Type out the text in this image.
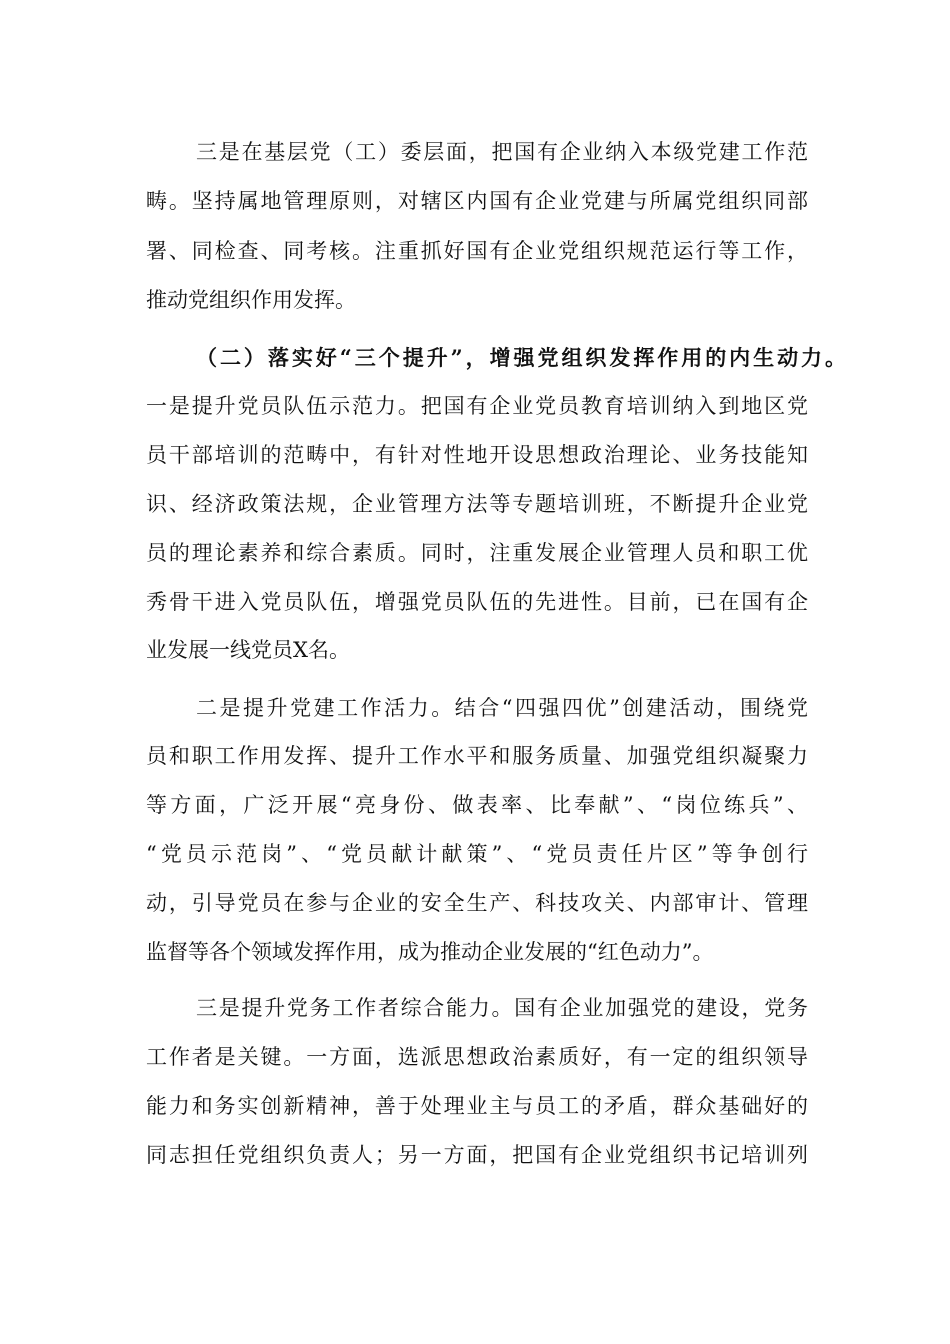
三是在基层党（工）委层面，把国有企业纳入本级党建工作范
畴。坚持属地管理原则，对辖区内国有企业党建与所属党组织同部
署、同检查、同考核。注重抓好国有企业党组织规范运行等工作，
推动党组织作用发挥。
（二）落实好“三个提升”，增强党组织发挥作用的内生动力。
一是提升党员队伍示范力。把国有企业党员教育培训纳入到地区党
员干部培训的范畴中，有针对性地开设思想政治理论、业务技能知
识、经济政策法规，企业管理方法等专题培训班，不断提升企业党
员的理论素养和综合素质。同时，注重发展企业管理人员和职工优
秀骨干进入党员队伍，增强党员队伍的先进性。目前，已在国有企
业发展一线党员X名。
二是提升党建工作活力。结合“四强四优”创建活动，围绕党
员和职工作用发挥、提升工作水平和服务质量、加强党组织凝聚力
等方面，广泛开展“亮身份、做表率、比奉献”、“岗位练兵”、
“党员示范岗”、“党员献计献策”、“党员责任片区”等争创行
动，引导党员在参与企业的安全生产、科技攻关、内部审计、管理
监督等各个领域发挥作用，成为推动企业发展的“红色动力”。
三是提升党务工作者综合能力。国有企业加强党的建设，党务
工作者是关键。一方面，选派思想政治素质好，有一定的组织领导
能力和务实创新精神，善于处理业主与员工的矛盾，群众基础好的
同志担任党组织负责人；另一方面，把国有企业党组织书记培训列
